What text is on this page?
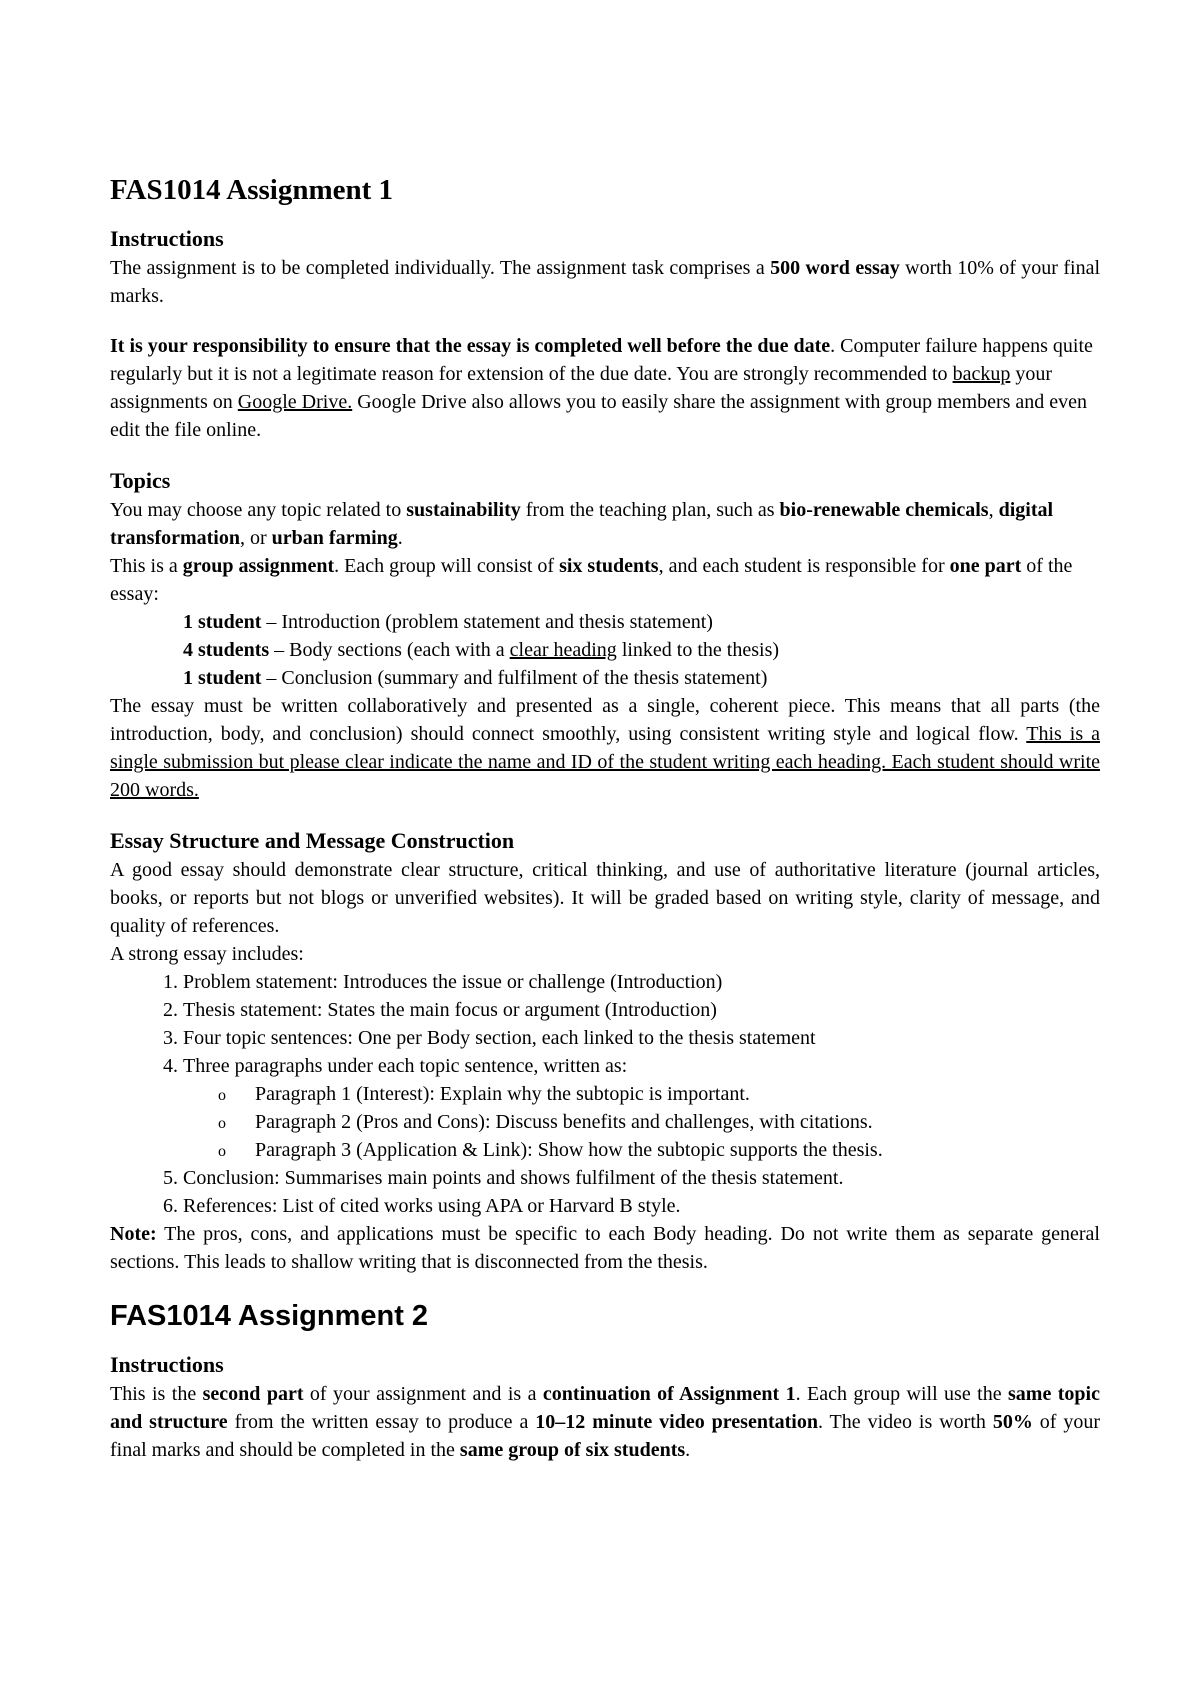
FAS1014 Assignment 1
Instructions

The assignment is to be completed individually. The assignment task comprises a 500 word essay worth 10% of your final marks.

It is your responsibility to ensure that the essay is completed well before the due date. Computer failure happens quite regularly but it is not a legitimate reason for extension of the due date. You are strongly recommended to backup your assignments on Google Drive. Google Drive also allows you to easily share the assignment with group members and even edit the file online.

Topics

You may choose any topic related to sustainability from the teaching plan, such as bio-renewable chemicals, digital transformation, or urban farming.

This is a group assignment. Each group will consist of six students, and each student is responsible for one part of the essay:

1 student – Introduction (problem statement and thesis statement)

4 students – Body sections (each with a clear heading linked to the thesis)

1 student – Conclusion (summary and fulfilment of the thesis statement)

The essay must be written collaboratively and presented as a single, coherent piece. This means that all parts (the introduction, body, and conclusion) should connect smoothly, using consistent writing style and logical flow. This is a single submission but please clear indicate the name and ID of the student writing each heading. Each student should write 200 words.

Essay Structure and Message Construction

A good essay should demonstrate clear structure, critical thinking, and use of authoritative literature (journal articles, books, or reports but not blogs or unverified websites). It will be graded based on writing style, clarity of message, and quality of references.

A strong essay includes:

1. Problem statement: Introduces the issue or challenge (Introduction)
2. Thesis statement: States the main focus or argument (Introduction)
3. Four topic sentences: One per Body section, each linked to the thesis statement
4. Three paragraphs under each topic sentence, written as:
o Paragraph 1 (Interest): Explain why the subtopic is important.
o Paragraph 2 (Pros and Cons): Discuss benefits and challenges, with citations.
o Paragraph 3 (Application & Link): Show how the subtopic supports the thesis.
5. Conclusion: Summarises main points and shows fulfilment of the thesis statement.
6. References: List of cited works using APA or Harvard B style.

Note: The pros, cons, and applications must be specific to each Body heading. Do not write them as separate general sections. This leads to shallow writing that is disconnected from the thesis.

FAS1014 Assignment 2
Instructions

This is the second part of your assignment and is a continuation of Assignment 1. Each group will use the same topic and structure from the written essay to produce a 10–12 minute video presentation. The video is worth 50% of your final marks and should be completed in the same group of six students.
